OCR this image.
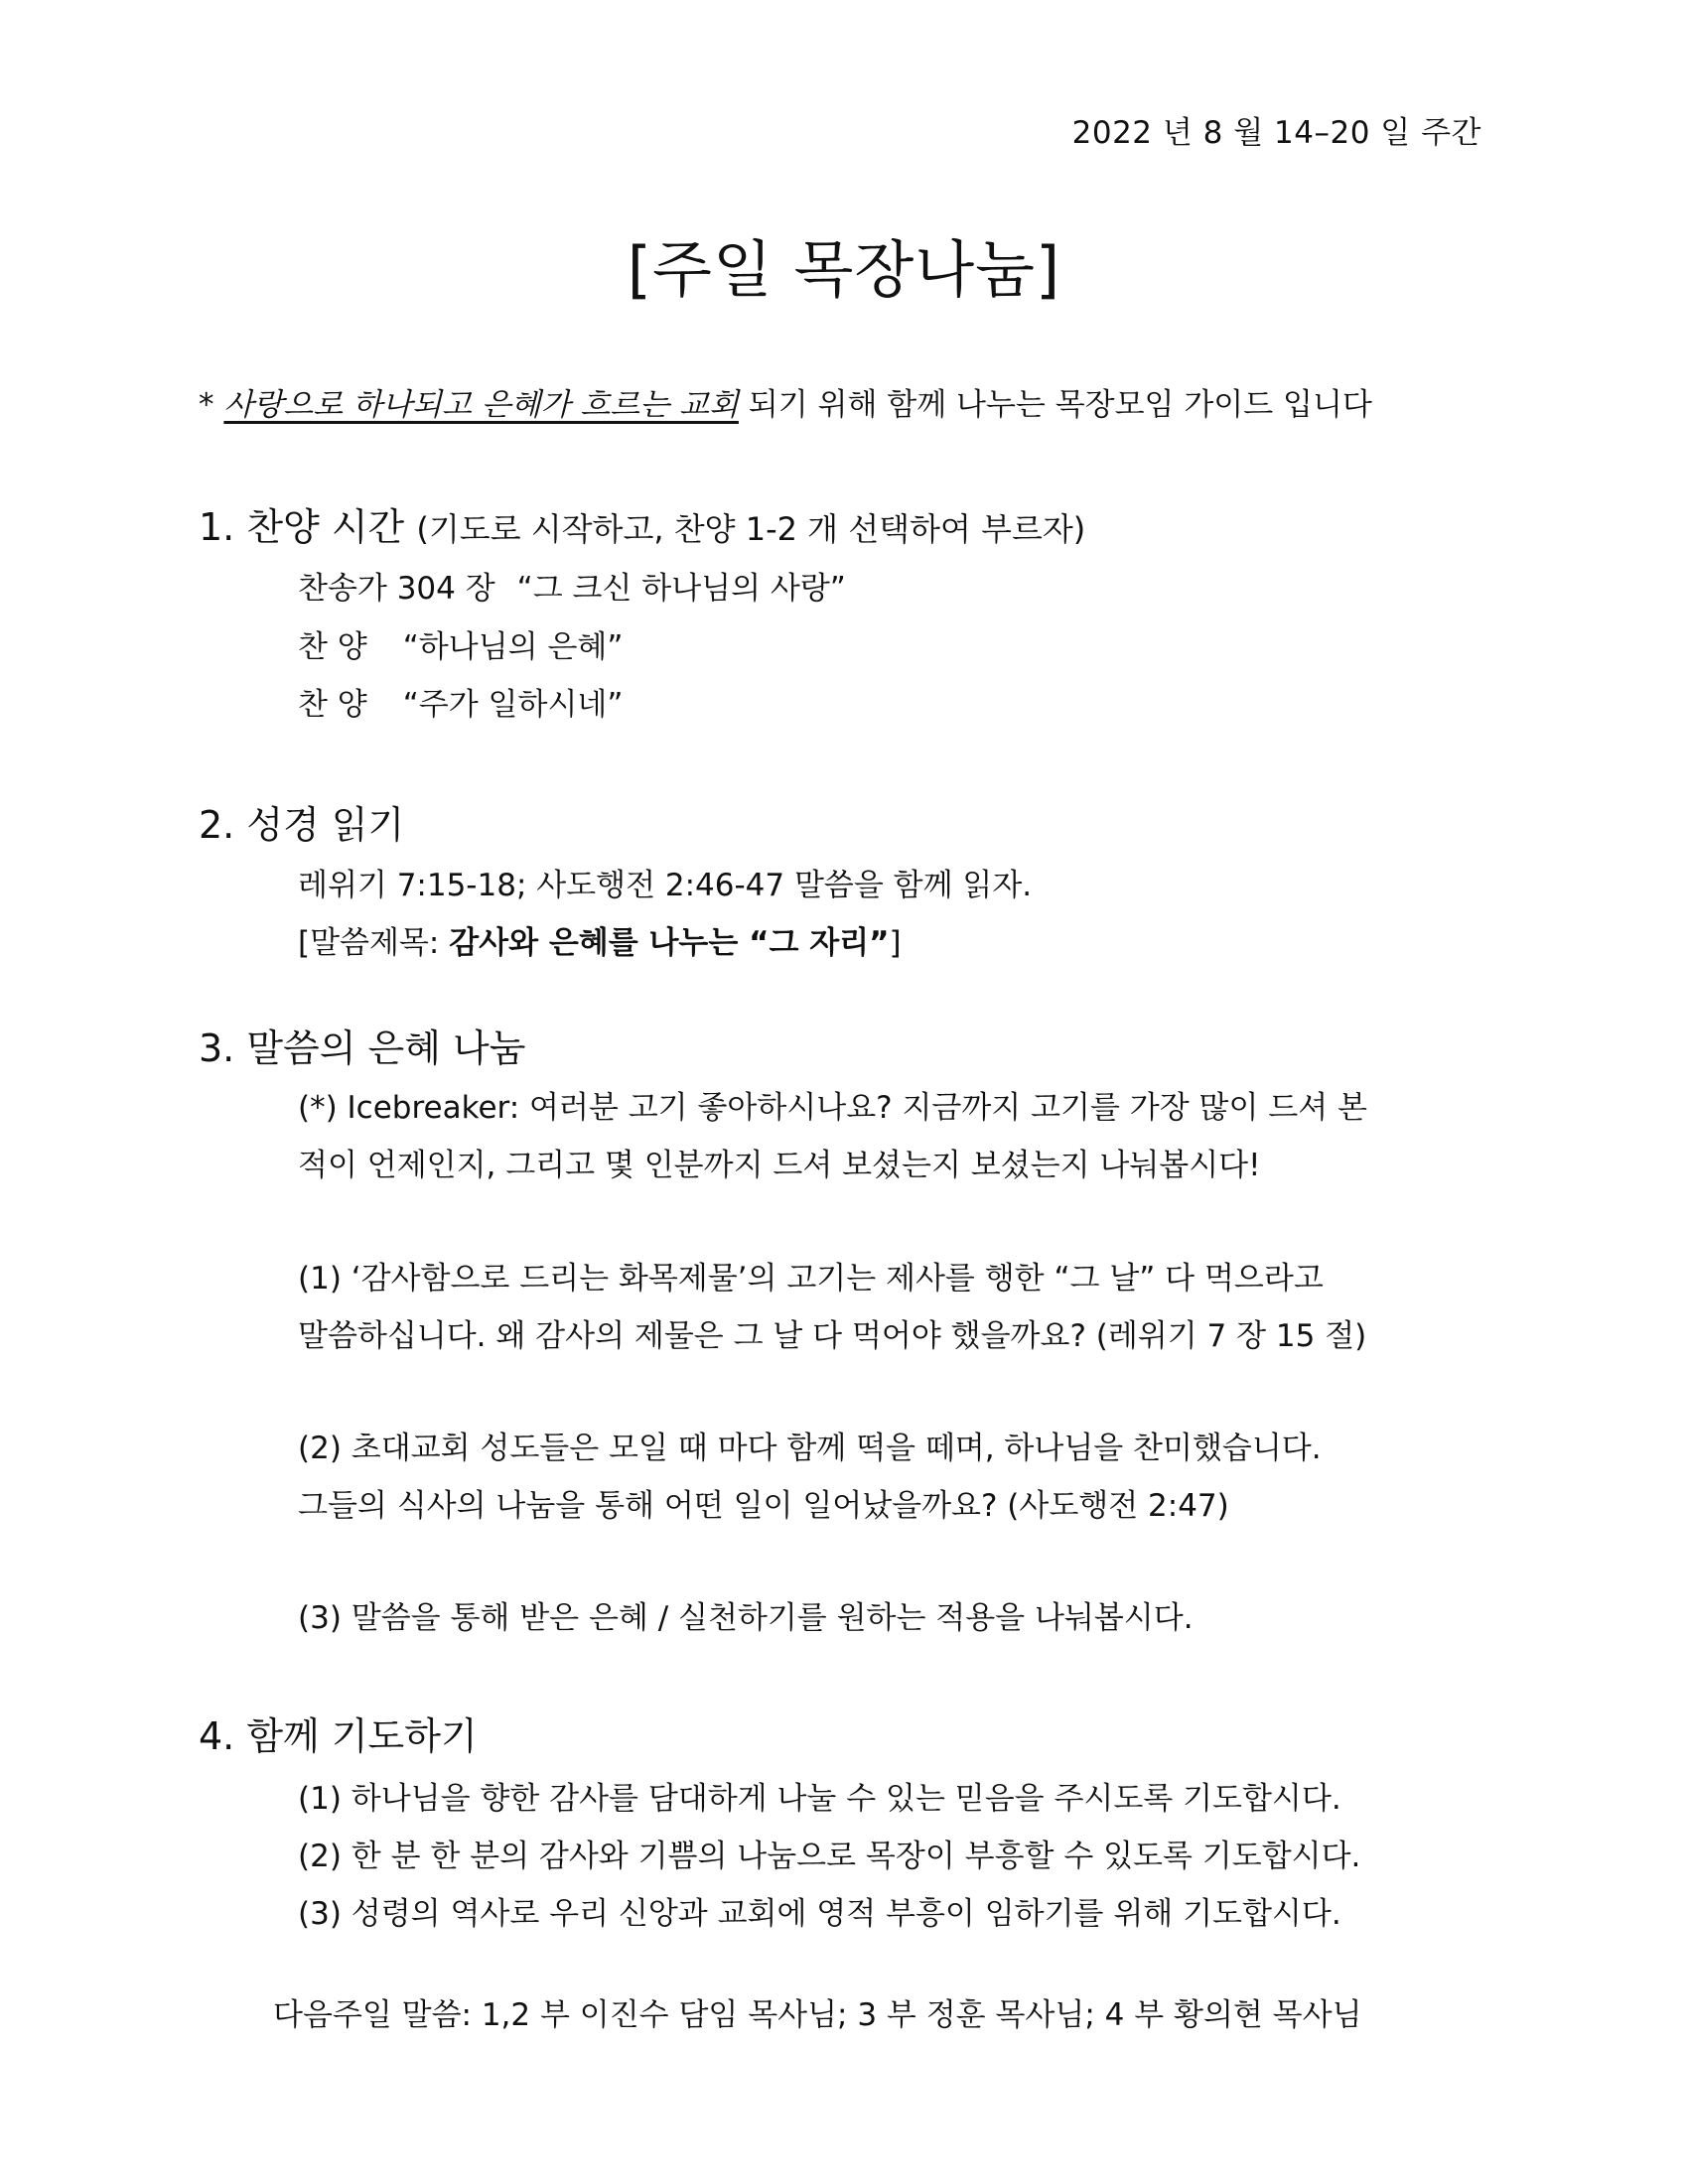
2022 년 8 월 14–20 일 주간
[주일 목장나눔]
* 사랑으로 하나되고 은혜가 흐르는 교회 되기 위해 함께 나누는 목장모임 가이드 입니다
1. 찬양 시간 (기도로 시작하고, 찬양 1-2 개 선택하여 부르자)
찬송가 304 장 “그 크신 하나님의 사랑”
찬 양 “하나님의 은혜”
찬 양 “주가 일하시네”
2. 성경 읽기
레위기 7:15-18; 사도행전 2:46-47 말씀을 함께 읽자.
[말씀제목: 감사와 은혜를 나누는 “그 자리”]
3. 말씀의 은혜 나눔
(*) Icebreaker: 여러분 고기 좋아하시나요? 지금까지 고기를 가장 많이 드셔 본
적이 언제인지, 그리고 몇 인분까지 드셔 보셨는지 보셨는지 나눠봅시다!
(1) ‘감사함으로 드리는 화목제물’의 고기는 제사를 행한 “그 날” 다 먹으라고
말씀하십니다. 왜 감사의 제물은 그 날 다 먹어야 했을까요? (레위기 7 장 15 절)
(2) 초대교회 성도들은 모일 때 마다 함께 떡을 떼며, 하나님을 찬미했습니다.
그들의 식사의 나눔을 통해 어떤 일이 일어났을까요? (사도행전 2:47)
(3) 말씀을 통해 받은 은혜 / 실천하기를 원하는 적용을 나눠봅시다.
4. 함께 기도하기
(1) 하나님을 향한 감사를 담대하게 나눌 수 있는 믿음을 주시도록 기도합시다.
(2) 한 분 한 분의 감사와 기쁨의 나눔으로 목장이 부흥할 수 있도록 기도합시다.
(3) 성령의 역사로 우리 신앙과 교회에 영적 부흥이 임하기를 위해 기도합시다.
다음주일 말씀: 1,2 부 이진수 담임 목사님; 3 부 정훈 목사님; 4 부 황의현 목사님
